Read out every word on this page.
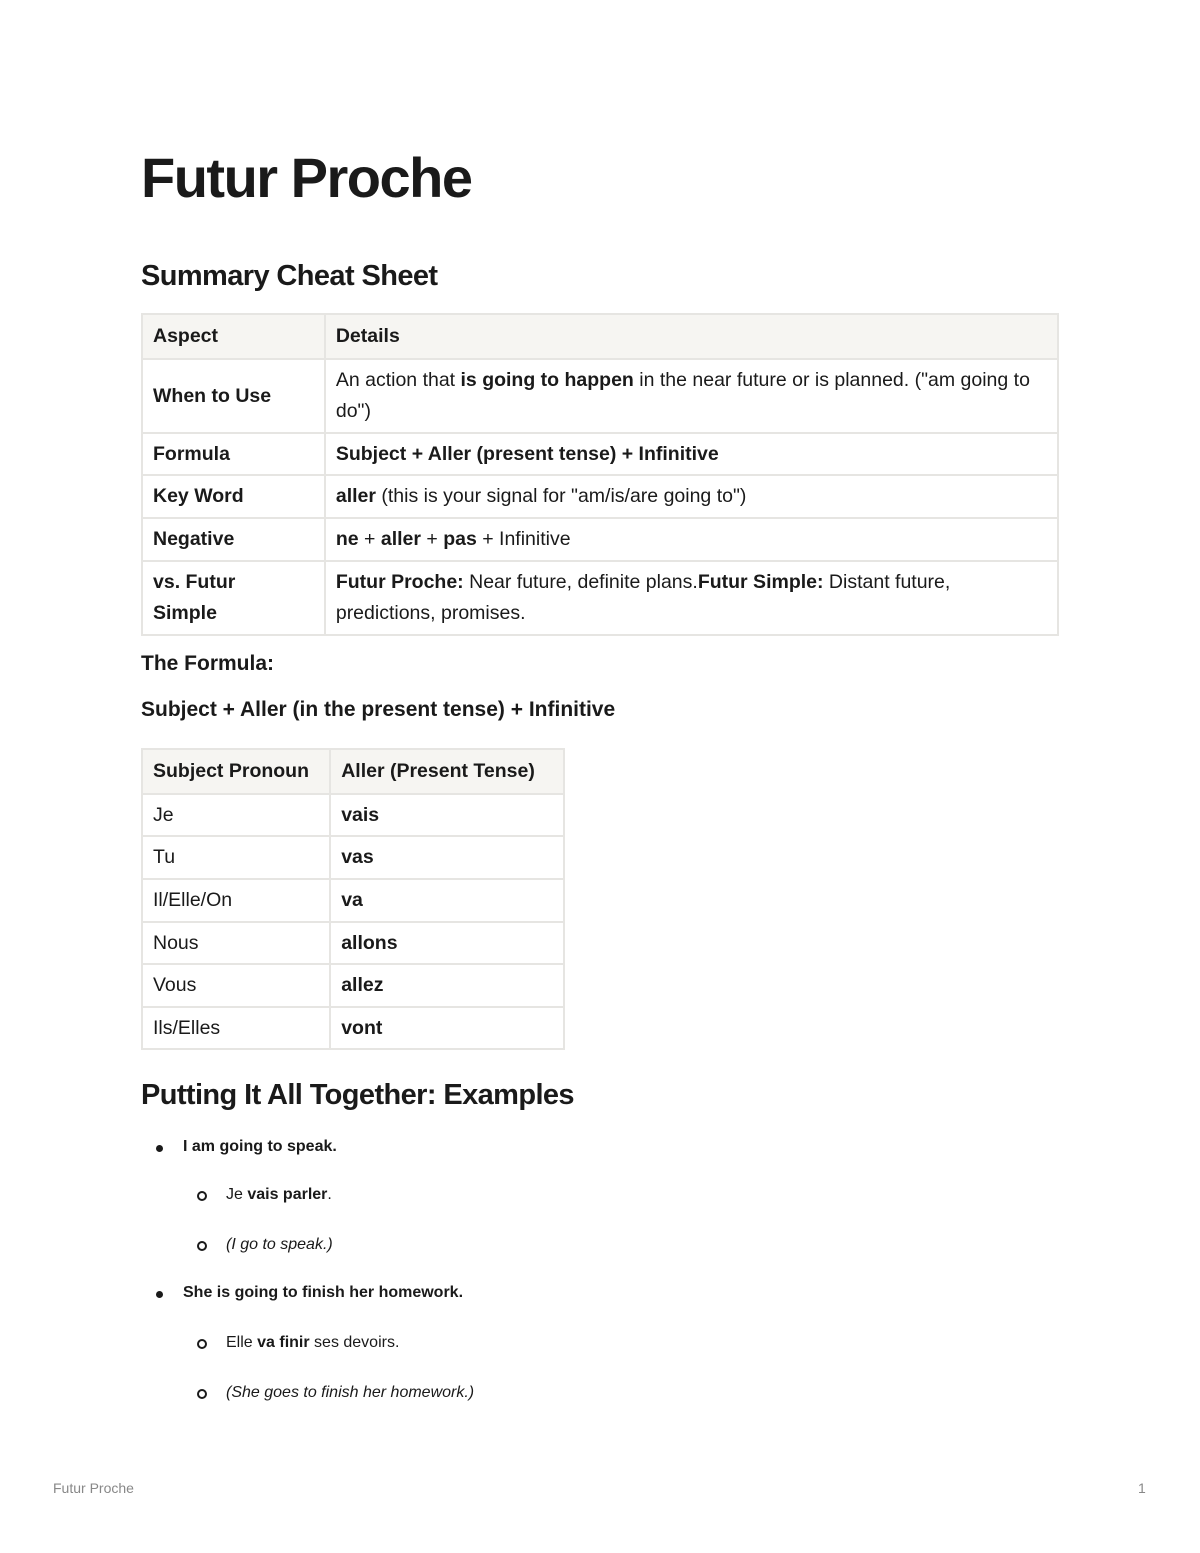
Futur Proche
Summary Cheat Sheet
Aspect	Details
When to Use	An action that is going to happen in the near future or is planned. ("am going to do")
Formula	Subject + Aller (present tense) + Infinitive
Key Word	aller (this is your signal for "am/is/are going to")
Negative	ne + aller + pas + Infinitive
vs. Futur Simple	Futur Proche: Near future, definite plans.Futur Simple: Distant future, predictions, promises.

The Formula:

Subject + Aller (in the present tense) + Infinitive

Subject Pronoun	Aller (Present Tense)
Je	vais
Tu	vas
Il/Elle/On	va
Nous	allons
Vous	allez
Ils/Elles	vont
Putting It All Together: Examples
I am going to speak.
Je vais parler.
(I go to speak.)
She is going to finish her homework.
Elle va finir ses devoirs.
(She goes to finish her homework.)
Futur Proche	1
